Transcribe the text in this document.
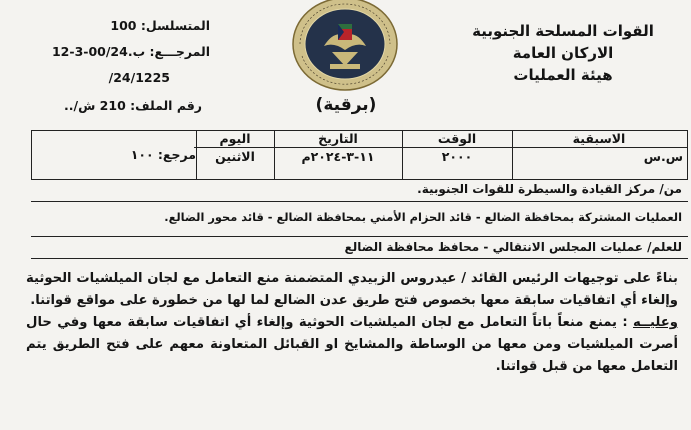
القوات المسلحة الجنوبية
الاركان العامة
هيئة العمليات
المتسلسل: 100
المرجـــع: ب.00/24-3-12
24/1225/
رقم الملف: 210 ش/..	(برقية)
الاسبقية
الوقت
التاريخ
اليوم
مرجع: ١٠٠	س.س
٢٠٠٠
١١-٣-٢٠٢٤م
الاثنين
من/ مركز القيادة والسيطرة للقوات الجنوبية.
العمليات المشتركة بمحافظة الضالع - قائد الحزام الأمني بمحافظة الضالع - قائد محور الضالع.
للعلم/ عمليات المجلس الانتقالي - محافظ محافظة الضالع

بناءً على توجيهات الرئيس القائد / عيدروس الزبيدي المتضمنة منع التعامل مع لجان الميلشيات الحوثية وإلغاء أي اتفاقيات سابقة معها بخصوص فتح طريق عدن الضالع لما لها من خطورة على مواقع قواتنا.

وعليــه : يمنع منعاً باتاً التعامل مع لجان الميلشيات الحوثية وإلغاء أي اتفاقيات سابقة معها وفي حال أصرت الميلشيات ومن معها من الوساطة والمشايخ او القبائل المتعاونة معهم على فتح الطريق يتم التعامل معها من قبل قواتنا.
